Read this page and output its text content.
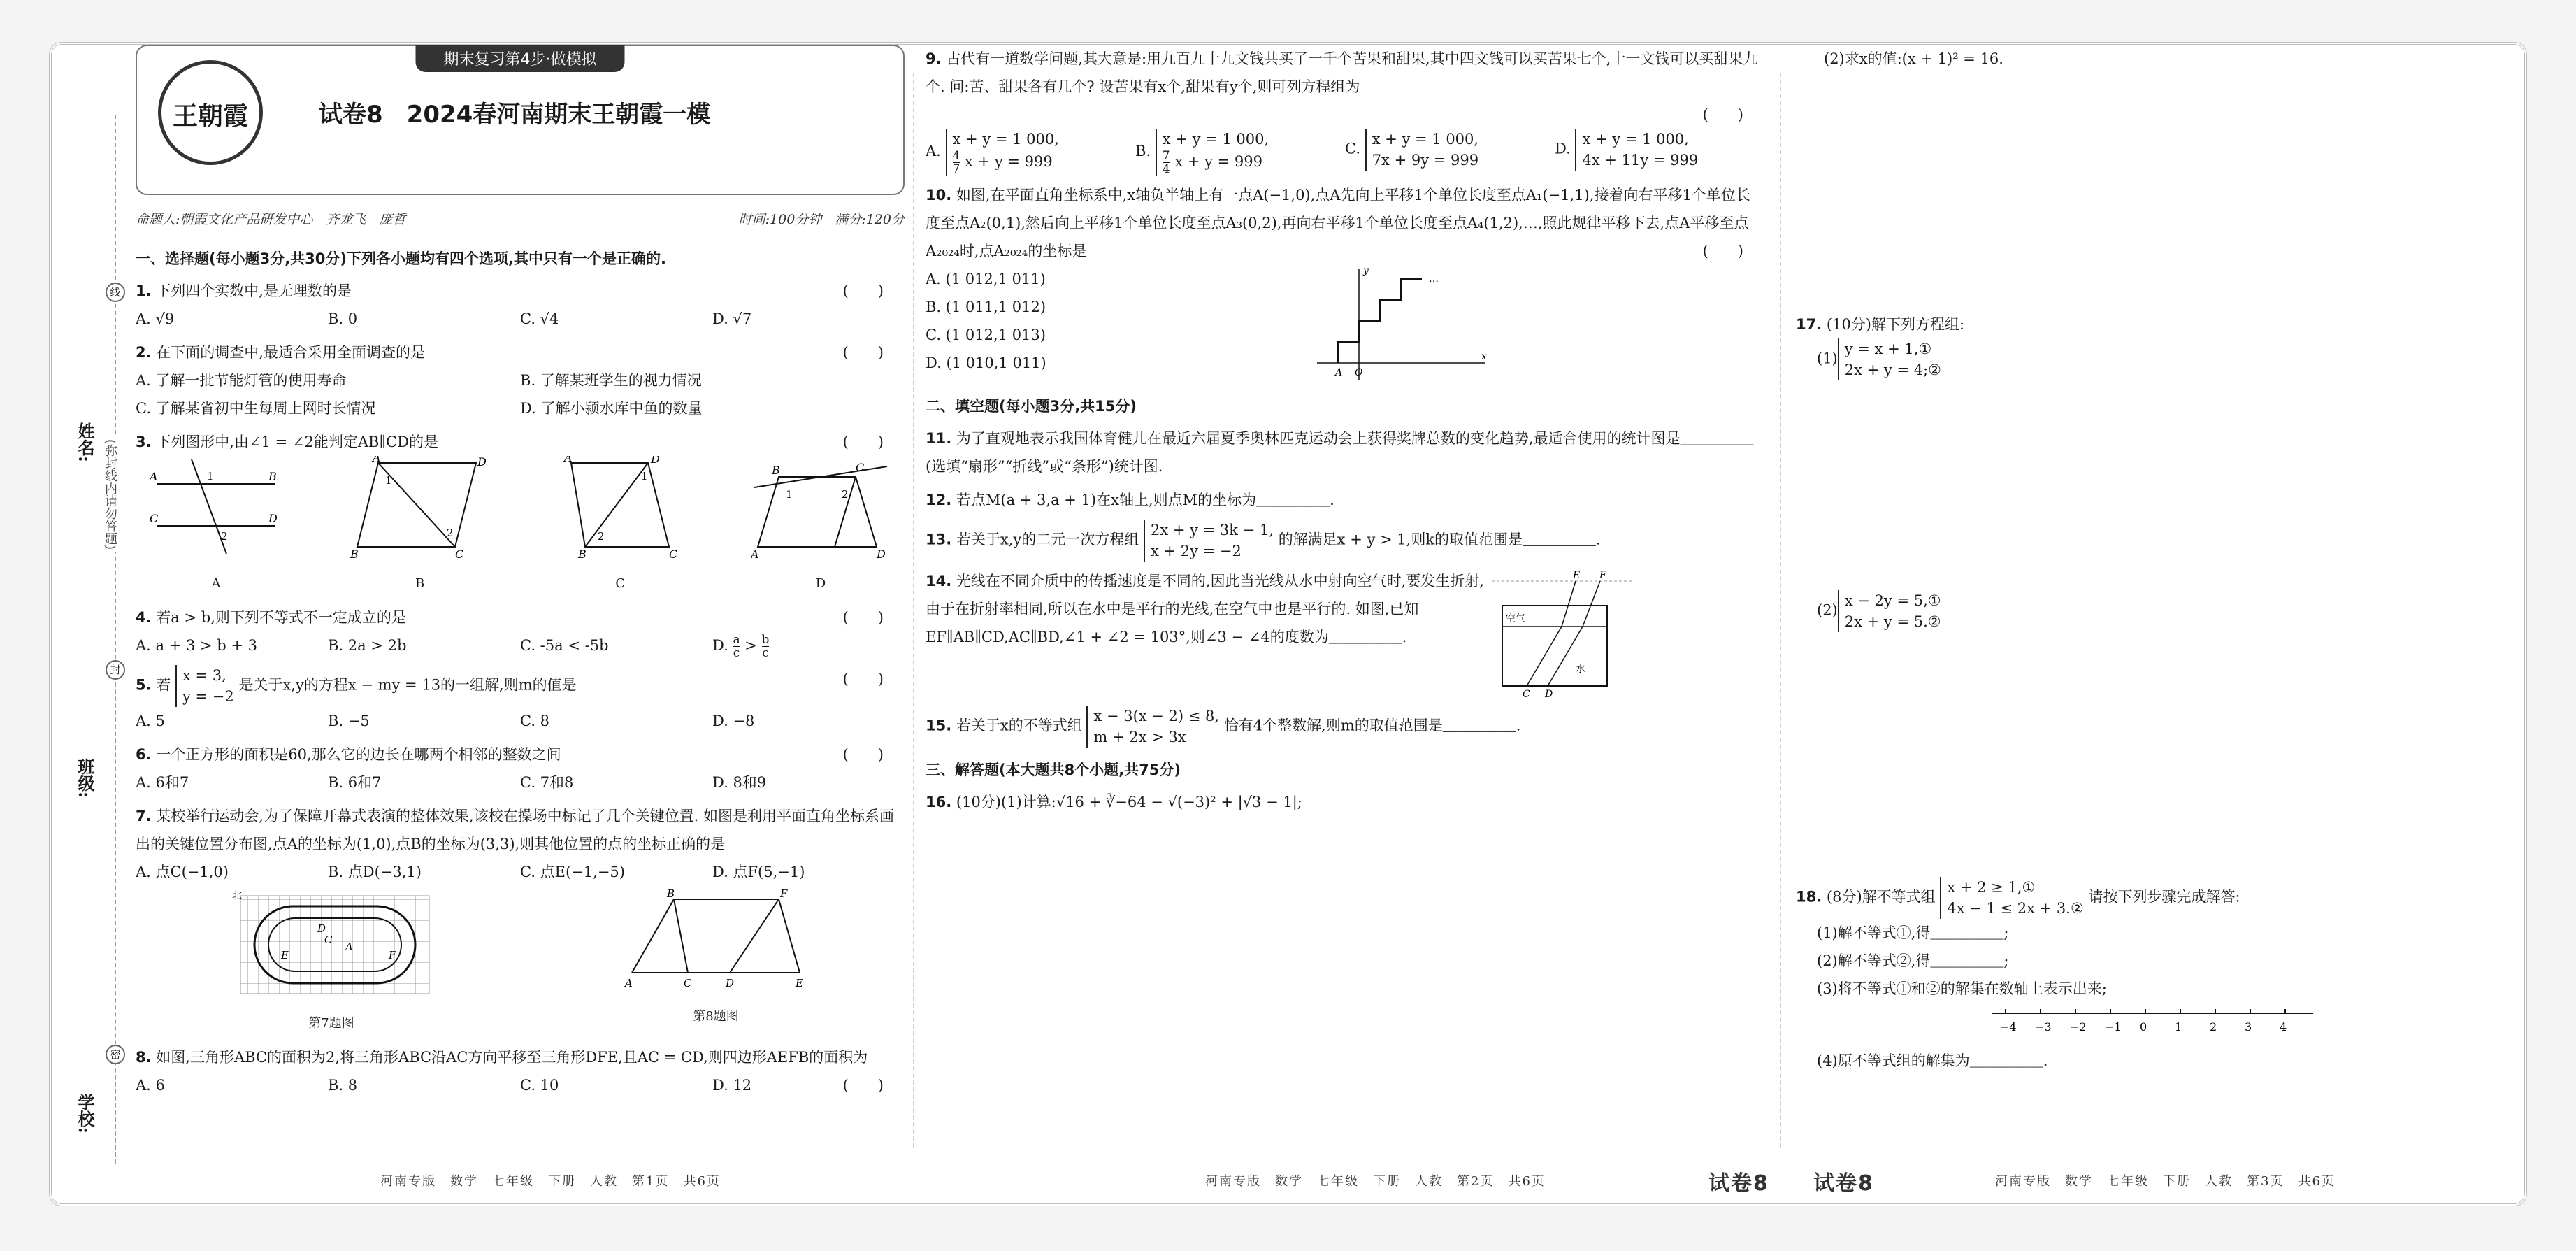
姓名:
班级:
学校:
(弥封线内请勿答题)
线
封
密
期末复习第4步·做模拟
王朝霞	试卷8　2024春河南期末王朝霞一模
命题人:朝霞文化产品研发中心　齐龙飞　庞哲	时间:100分钟　满分:120分
一、选择题(每小题3分,共30分)下列各小题均有四个选项,其中只有一个是正确的.
1. 下列四个实数中,是无理数的是	(　　)
A. √9	B. 0	C. √4	D. √7
2. 在下面的调查中,最适合采用全面调查的是	(　　)
A. 了解一批节能灯管的使用寿命	B. 了解某班学生的视力情况
C. 了解某省初中生每周上网时长情况	D. 了解小颍水库中鱼的数量
3. 下列图形中,由∠1 = ∠2能判定AB∥CD的是	(　　)
A	B
C	D
1
2
A
A	D
B	C
1
2
B
A	D
B	C
1
2
C
B	C
A	D
1	2
D
4. 若a > b,则下列不等式不一定成立的是	(　　)
A. a + 3 > b + 3	B. 2a > 2b	C. -5a < -5b	D. $\frac{a}{c} > \frac{b}{c}$
5. 若 x = 3,
y = −2 是关于x,y的方程x − my = 13的一组解,则m的值是	(　　)
A. 5	B. −5	C. 8	D. −8
6. 一个正方形的面积是60,那么它的边长在哪两个相邻的整数之间	(　　)
A. 6和7	B. 6和7	C. 7和8	D. 8和9
7. 某校举行运动会,为了保障开幕式表演的整体效果,该校在操场中标记了几个关键位置. 如图是利用平面直角坐标系画出的关键位置分布图,点A的坐标为(1,0),点B的坐标为(3,3),则其他位置的点的坐标正确的是
A. 点C(−1,0)	B. 点D(−3,1)	C. 点E(−1,−5)	D. 点F(5,−1)
北
C
A
D
E	F
第7题图
B	F
A	C	D	E
第8题图
8. 如图,三角形ABC的面积为2,将三角形ABC沿AC方向平移至三角形DFE,且AC = CD,则四边形AEFB的面积为
(　　)
A. 6	B. 8	C. 10	D. 12
9. 古代有一道数学问题,其大意是:用九百九十九文钱共买了一千个苦果和甜果,其中四文钱可以买苦果七个,十一文钱可以买甜果九个. 问:苦、甜果各有几个? 设苦果有x个,甜果有y个,则可列方程组为
(　　)
A. x + y = 1 000,

$\frac{4}{7}$ x + y = 999
B. x + y = 1 000,

$\frac{7}{4}$ x + y = 999
C. x + y = 1 000,
7x + 9y = 999
D. x + y = 1 000,
4x + 11y = 999
10. 如图,在平面直角坐标系中,x轴负半轴上有一点A(−1,0),点A先向上平移1个单位长度至点A₁(−1,1),接着向右平移1个单位长度至点A₂(0,1),然后向上平移1个单位长度至点A₃(0,2),再向右平移1个单位长度至点A₄(1,2),…,照此规律平移下去,点A平移至点A₂₀₂₄时,点A₂₀₂₄的坐标是
A. (1 012,1 011)
B. (1 011,1 012)
C. (1 012,1 013)
D. (1 010,1 011)	x
y
A O
…
(　　)
二、填空题(每小题3分,共15分)
11. 为了直观地表示我国体育健儿在最近六届夏季奥林匹克运动会上获得奖牌总数的变化趋势,最适合使用的统计图是＿＿＿＿＿(选填“扇形”“折线”或“条形”)统计图.
12. 若点M(a + 3,a + 1)在x轴上,则点M的坐标为＿＿＿＿＿.
13. 若关于x,y的二元一次方程组 2x + y = 3k − 1,
x + 2y = −2 的解满足x + y > 1,则k的取值范围是＿＿＿＿＿.
14. 光线在不同介质中的传播速度是不同的,因此当光线从水中射向空气时,要发生折射,由于在折射率相同,所以在水中是平行的光线,在空气中也是平行的. 如图,已知EF∥AB∥CD,AC∥BD,∠1 + ∠2 = 103°,则∠3 − ∠4的度数为＿＿＿＿＿.
空气
水
E F
C D
15. 若关于x的不等式组 x − 3(x − 2) ≤ 8,
m + 2x > 3x 恰有4个整数解,则m的取值范围是＿＿＿＿＿.
三、解答题(本大题共8个小题,共75分)
16. (10分)(1)计算:√16 + ∛−64 − √(−3)² + |√3 − 1|;
(2)求x的值:(x + 1)² = 16.
17. (10分)解下列方程组:
(1)y = x + 1,①
2x + y = 4;②
(2)x − 2y = 5,①
2x + y = 5.②
18. (8分)解不等式组 x + 2 ≥ 1,①
4x − 1 ≤ 2x + 3.② 请按下列步骤完成解答:
(1)解不等式①,得＿＿＿＿＿;
(2)解不等式②,得＿＿＿＿＿;
(3)将不等式①和②的解集在数轴上表示出来;
−4 −3 −2 −1 0 1 2 3 4
(4)原不等式组的解集为＿＿＿＿＿.
河南专版　数学　七年级　下册　人教　第1页　共6页	河南专版　数学　七年级　下册　人教　第2页　共6页	试卷8 试卷8	河南专版　数学　七年级　下册　人教　第3页　共6页
